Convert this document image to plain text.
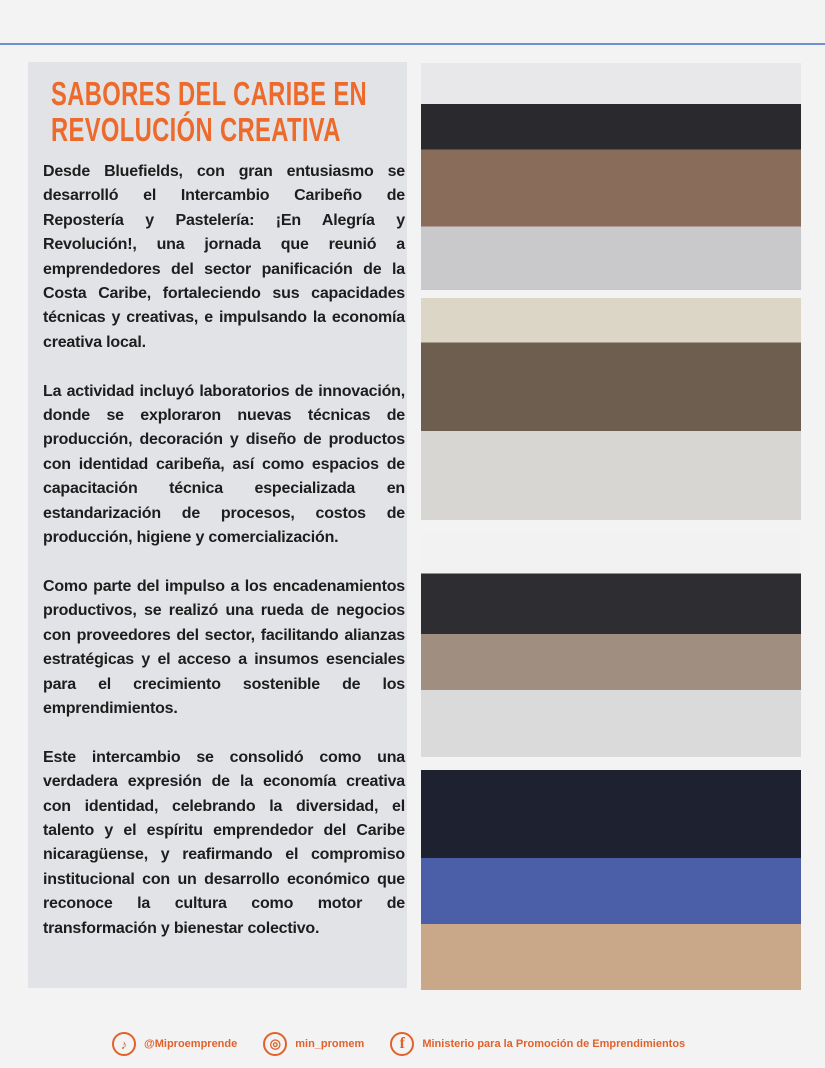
SABORES DEL CARIBE EN
REVOLUCIÓN CREATIVA

Desde Bluefields, con gran entusiasmo se desarrolló el Intercambio Caribeño de Repostería y Pastelería: ¡En Alegría y Revolución!, una jornada que reunió a emprendedores del sector panificación de la Costa Caribe, fortaleciendo sus capacidades técnicas y creativas, e impulsando la economía creativa local.

La actividad incluyó laboratorios de innovación, donde se exploraron nuevas técnicas de producción, decoración y diseño de productos con identidad caribeña, así como espacios de capacitación técnica especializada en estandarización de procesos, costos de producción, higiene y comercialización.

Como parte del impulso a los encadenamientos productivos, se realizó una rueda de negocios con proveedores del sector, facilitando alianzas estratégicas y el acceso a insumos esenciales para el crecimiento sostenible de los emprendimientos.

Este intercambio se consolidó como una verdadera expresión de la economía creativa con identidad, celebrando la diversidad, el talento y el espíritu emprendedor del Caribe nicaragüense, y reafirmando el compromiso institucional con un desarrollo económico que reconoce la cultura como motor de transformación y bienestar colectivo.

♪	@Miproemprende	◎	min_promem	f	Ministerio para la Promoción de Emprendimientos
